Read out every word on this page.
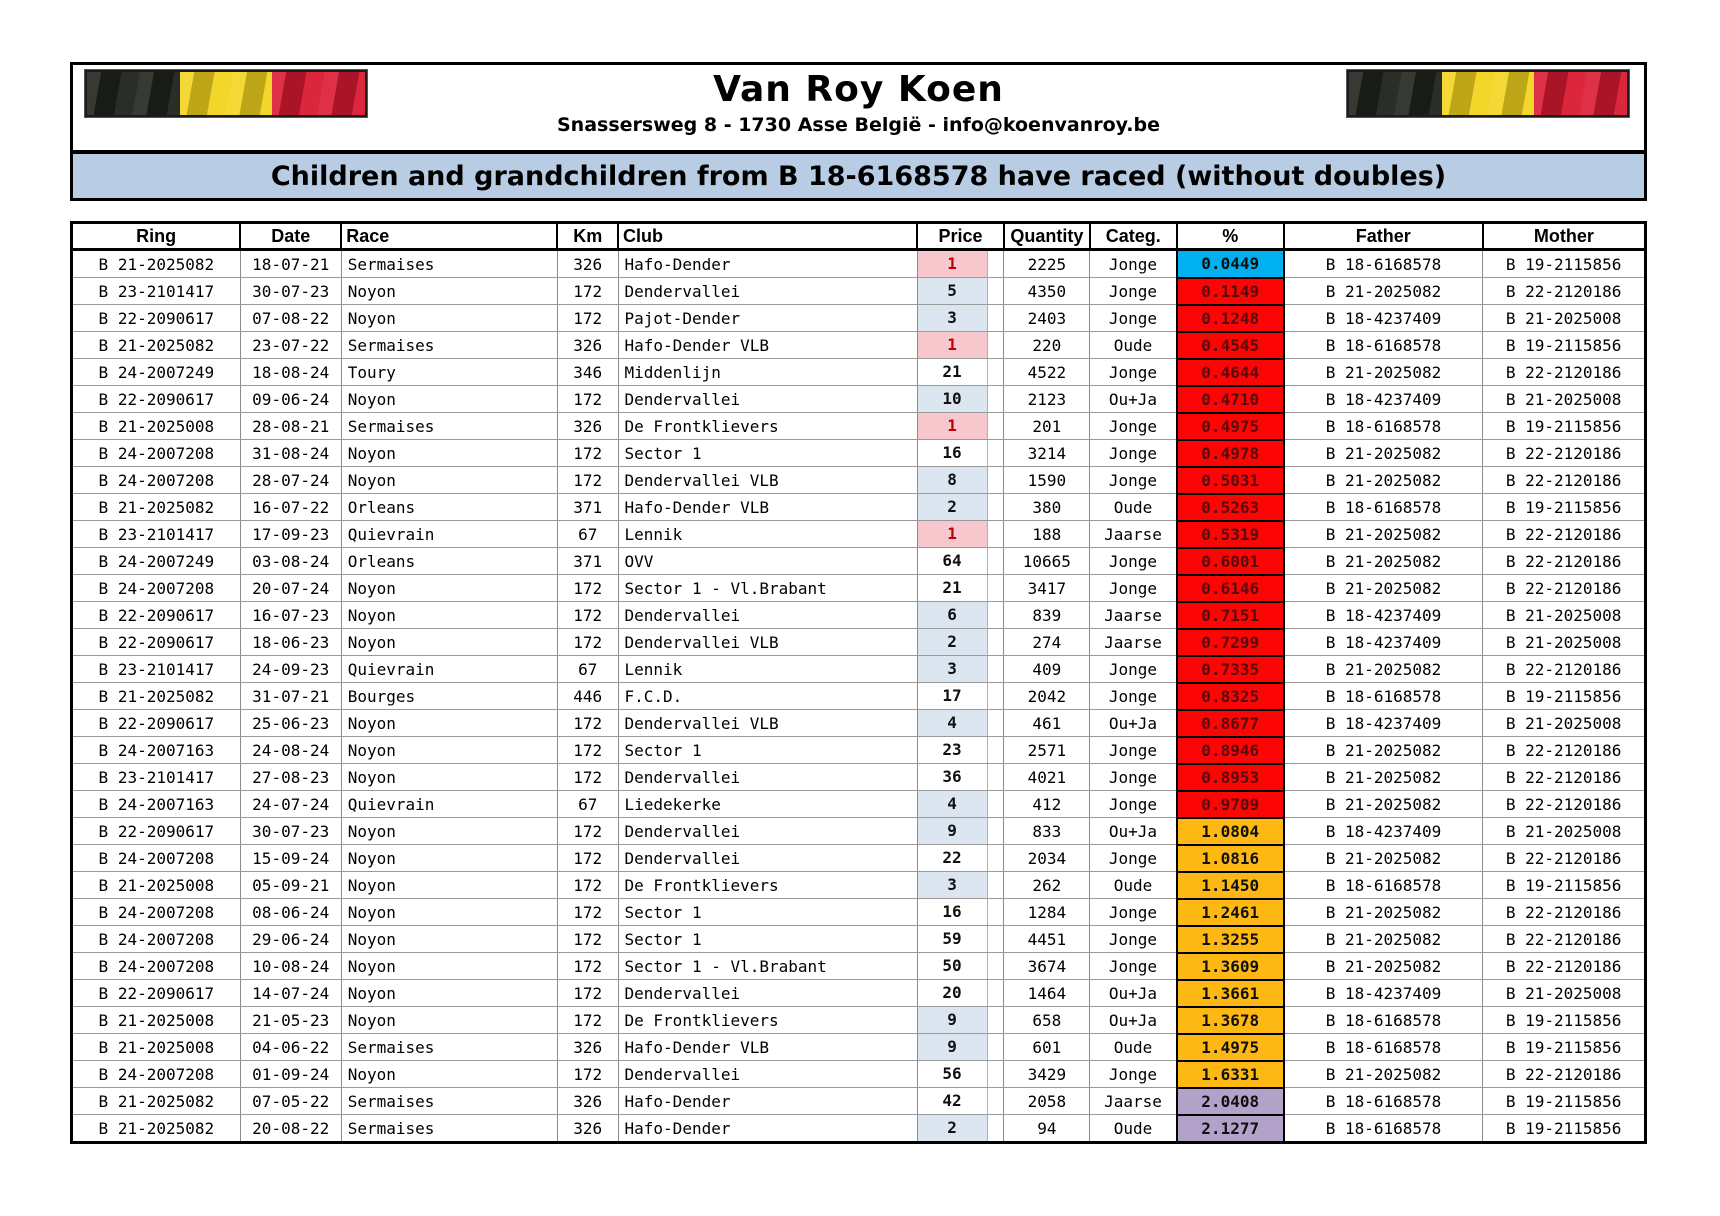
Van Roy Koen
Snassersweg 8 - 1730 Asse België - info@koenvanroy.be
Children and grandchildren from B 18-6168578 have raced (without doubles)
Ring	Date	Race	Km	Club	Price	Quantity	Categ.	%	Father	Mother
B 21-2025082	18-07-21	Sermaises	326	Hafo-Dender	1	2225	Jonge	0.0449	B 18-6168578	B 19-2115856
B 23-2101417	30-07-23	Noyon	172	Dendervallei	5	4350	Jonge	0.1149	B 21-2025082	B 22-2120186
B 22-2090617	07-08-22	Noyon	172	Pajot-Dender	3	2403	Jonge	0.1248	B 18-4237409	B 21-2025008
B 21-2025082	23-07-22	Sermaises	326	Hafo-Dender VLB	1	220	Oude	0.4545	B 18-6168578	B 19-2115856
B 24-2007249	18-08-24	Toury	346	Middenlijn	21	4522	Jonge	0.4644	B 21-2025082	B 22-2120186
B 22-2090617	09-06-24	Noyon	172	Dendervallei	10	2123	Ou+Ja	0.4710	B 18-4237409	B 21-2025008
B 21-2025008	28-08-21	Sermaises	326	De Frontklievers	1	201	Jonge	0.4975	B 18-6168578	B 19-2115856
B 24-2007208	31-08-24	Noyon	172	Sector 1	16	3214	Jonge	0.4978	B 21-2025082	B 22-2120186
B 24-2007208	28-07-24	Noyon	172	Dendervallei VLB	8	1590	Jonge	0.5031	B 21-2025082	B 22-2120186
B 21-2025082	16-07-22	Orleans	371	Hafo-Dender VLB	2	380	Oude	0.5263	B 18-6168578	B 19-2115856
B 23-2101417	17-09-23	Quievrain	67	Lennik	1	188	Jaarse	0.5319	B 21-2025082	B 22-2120186
B 24-2007249	03-08-24	Orleans	371	OVV	64	10665	Jonge	0.6001	B 21-2025082	B 22-2120186
B 24-2007208	20-07-24	Noyon	172	Sector 1 - Vl.Brabant	21	3417	Jonge	0.6146	B 21-2025082	B 22-2120186
B 22-2090617	16-07-23	Noyon	172	Dendervallei	6	839	Jaarse	0.7151	B 18-4237409	B 21-2025008
B 22-2090617	18-06-23	Noyon	172	Dendervallei VLB	2	274	Jaarse	0.7299	B 18-4237409	B 21-2025008
B 23-2101417	24-09-23	Quievrain	67	Lennik	3	409	Jonge	0.7335	B 21-2025082	B 22-2120186
B 21-2025082	31-07-21	Bourges	446	F.C.D.	17	2042	Jonge	0.8325	B 18-6168578	B 19-2115856
B 22-2090617	25-06-23	Noyon	172	Dendervallei VLB	4	461	Ou+Ja	0.8677	B 18-4237409	B 21-2025008
B 24-2007163	24-08-24	Noyon	172	Sector 1	23	2571	Jonge	0.8946	B 21-2025082	B 22-2120186
B 23-2101417	27-08-23	Noyon	172	Dendervallei	36	4021	Jonge	0.8953	B 21-2025082	B 22-2120186
B 24-2007163	24-07-24	Quievrain	67	Liedekerke	4	412	Jonge	0.9709	B 21-2025082	B 22-2120186
B 22-2090617	30-07-23	Noyon	172	Dendervallei	9	833	Ou+Ja	1.0804	B 18-4237409	B 21-2025008
B 24-2007208	15-09-24	Noyon	172	Dendervallei	22	2034	Jonge	1.0816	B 21-2025082	B 22-2120186
B 21-2025008	05-09-21	Noyon	172	De Frontklievers	3	262	Oude	1.1450	B 18-6168578	B 19-2115856
B 24-2007208	08-06-24	Noyon	172	Sector 1	16	1284	Jonge	1.2461	B 21-2025082	B 22-2120186
B 24-2007208	29-06-24	Noyon	172	Sector 1	59	4451	Jonge	1.3255	B 21-2025082	B 22-2120186
B 24-2007208	10-08-24	Noyon	172	Sector 1 - Vl.Brabant	50	3674	Jonge	1.3609	B 21-2025082	B 22-2120186
B 22-2090617	14-07-24	Noyon	172	Dendervallei	20	1464	Ou+Ja	1.3661	B 18-4237409	B 21-2025008
B 21-2025008	21-05-23	Noyon	172	De Frontklievers	9	658	Ou+Ja	1.3678	B 18-6168578	B 19-2115856
B 21-2025008	04-06-22	Sermaises	326	Hafo-Dender VLB	9	601	Oude	1.4975	B 18-6168578	B 19-2115856
B 24-2007208	01-09-24	Noyon	172	Dendervallei	56	3429	Jonge	1.6331	B 21-2025082	B 22-2120186
B 21-2025082	07-05-22	Sermaises	326	Hafo-Dender	42	2058	Jaarse	2.0408	B 18-6168578	B 19-2115856
B 21-2025082	20-08-22	Sermaises	326	Hafo-Dender	2	94	Oude	2.1277	B 18-6168578	B 19-2115856
